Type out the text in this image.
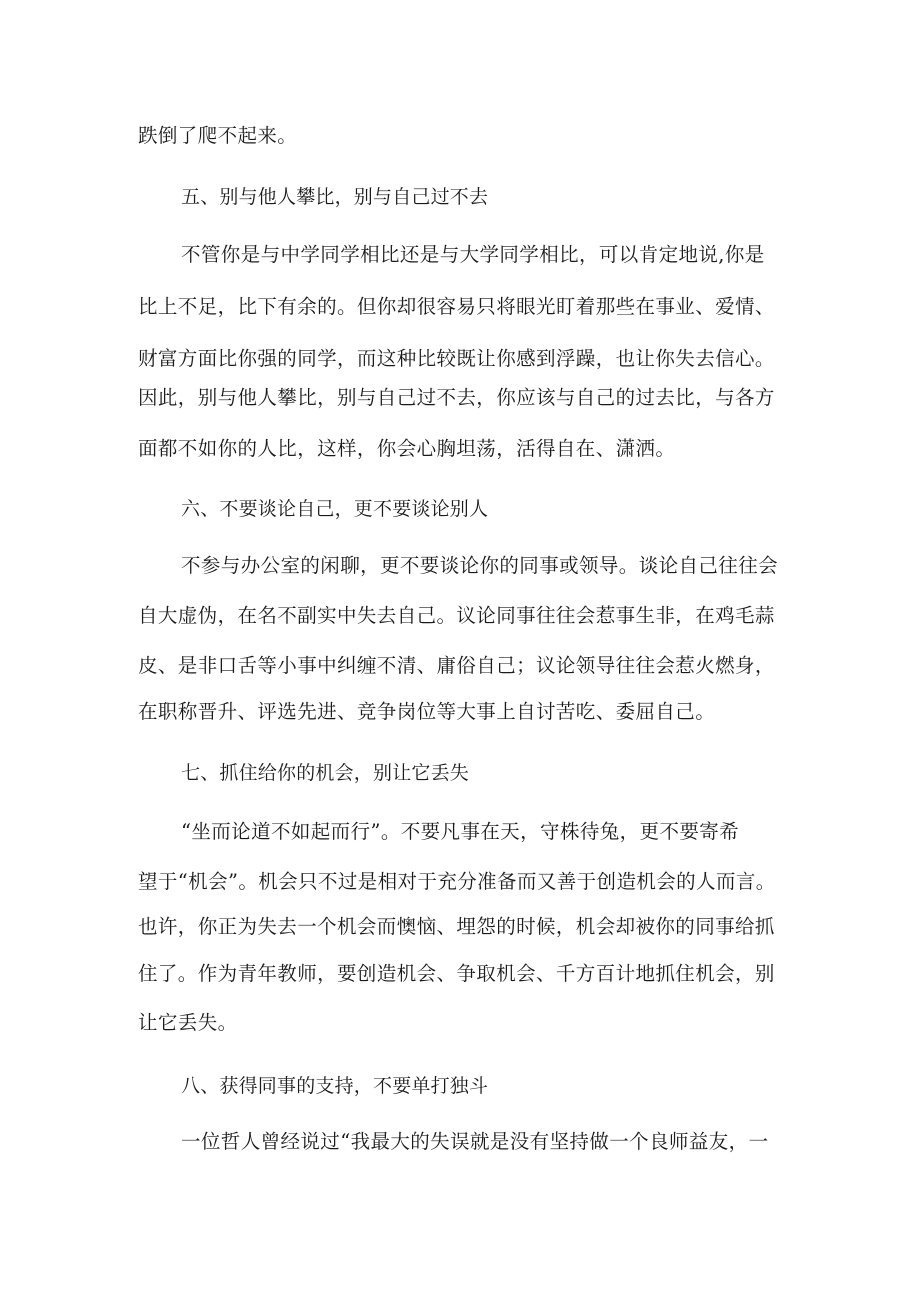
跌倒了爬不起来。
五、别与他人攀比，别与自己过不去
不管你是与中学同学相比还是与大学同学相比，可以肯定地说,你是
比上不足，比下有余的。但你却很容易只将眼光盯着那些在事业、爱情、
财富方面比你强的同学，而这种比较既让你感到浮躁，也让你失去信心。
因此，别与他人攀比，别与自己过不去，你应该与自己的过去比，与各方
面都不如你的人比，这样，你会心胸坦荡，活得自在、潇洒。
六、不要谈论自己，更不要谈论别人
不参与办公室的闲聊，更不要谈论你的同事或领导。谈论自己往往会
自大虚伪，在名不副实中失去自己。议论同事往往会惹事生非，在鸡毛蒜
皮、是非口舌等小事中纠缠不清、庸俗自己；议论领导往往会惹火燃身，
在职称晋升、评选先进、竞争岗位等大事上自讨苦吃、委屈自己。
七、抓住给你的机会，别让它丢失
“坐而论道不如起而行”。不要凡事在天，守株待兔，更不要寄希
望于“机会”。机会只不过是相对于充分准备而又善于创造机会的人而言。
也许，你正为失去一个机会而懊恼、埋怨的时候，机会却被你的同事给抓
住了。作为青年教师，要创造机会、争取机会、千方百计地抓住机会，别
让它丢失。
八、获得同事的支持，不要单打独斗
一位哲人曾经说过“我最大的失误就是没有坚持做一个良师益友，一
